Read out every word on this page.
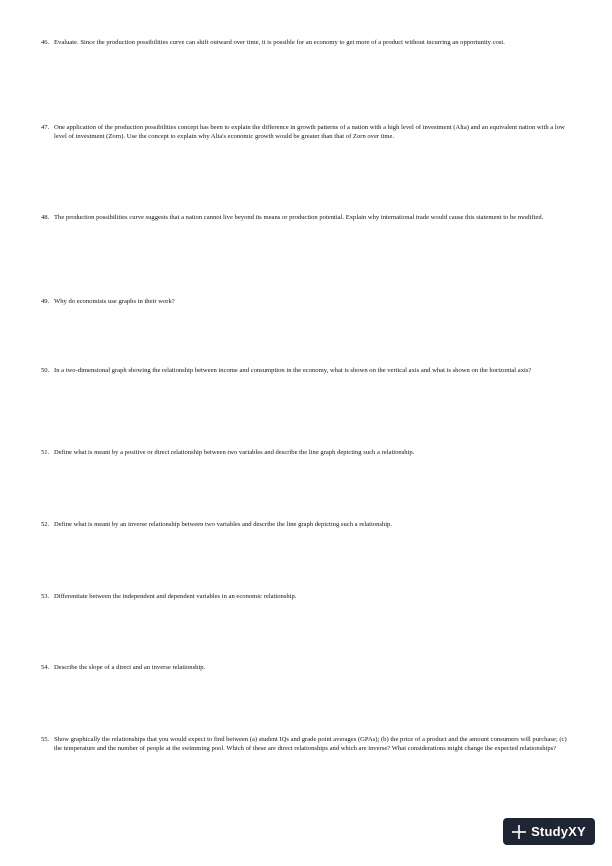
46. Evaluate. Since the production possibilities curve can shift outward over time, it is possible for an economy to get more of a product without incurring an opportunity cost.
47. One application of the production possibilities concept has been to explain the difference in growth patterns of a nation with a high level of investment (Alta) and an equivalent nation with a low level of investment (Zorn). Use the concept to explain why Alta's economic growth would be greater than that of Zorn over time.
48. The production possibilities curve suggests that a nation cannot live beyond its means or production potential. Explain why international trade would cause this statement to be modified.
49. Why do economists use graphs in their work?
50. In a two-dimensional graph showing the relationship between income and consumption in the economy, what is shown on the vertical axis and what is shown on the horizontal axis?
51. Define what is meant by a positive or direct relationship between two variables and describe the line graph depicting such a relationship.
52. Define what is meant by an inverse relationship between two variables and describe the line graph depicting such a relationship.
53. Differentiate between the independent and dependent variables in an economic relationship.
54. Describe the slope of a direct and an inverse relationship.
55. Show graphically the relationships that you would expect to find between (a) student IQs and grade point averages (GPAs); (b) the price of a product and the amount consumers will purchase; (c) the temperature and the number of people at the swimming pool. Which of these are direct relationships and which are inverse? What considerations might change the expected relationships?
StudyXY
